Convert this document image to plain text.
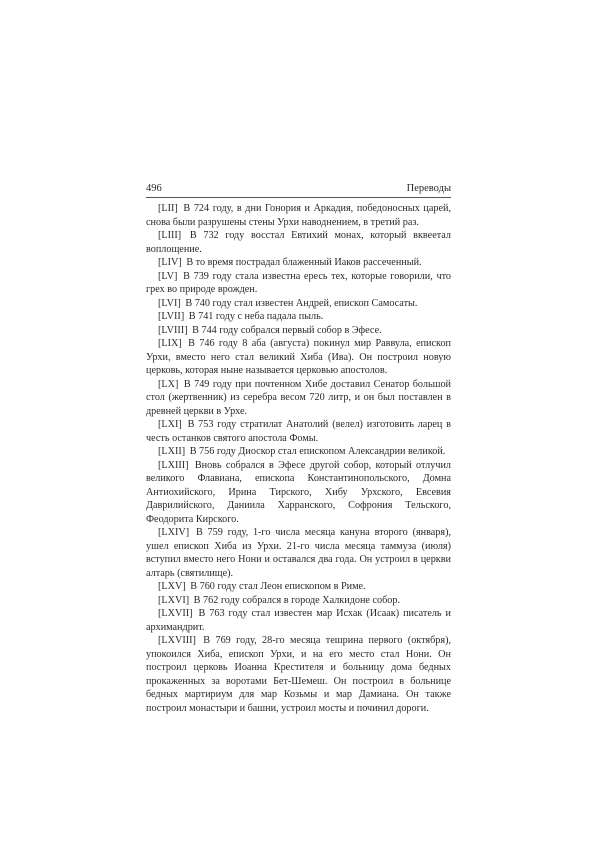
496	Переводы

[LII] В 724 году, в дни Гонория и Аркадия, победоносных царей, снова были разрушены стены Урхи наводнением, в третий раз.

[LIII] В 732 году восстал Евтихий монах, который вквеетал воплощение.

[LIV] В то время пострадал блаженный Иаков рассеченный.

[LV] В 739 году стала известна ересь тех, которые говорили, что грех во природе врожден.

[LVI] В 740 году стал известен Андрей, епископ Самосаты.

[LVII] В 741 году с неба падала пыль.

[LVIII] В 744 году собрался первый собор в Эфесе.

[LIX] В 746 году 8 аба (августа) покинул мир Раввула, епископ Урхи, вместо него стал великий Хиба (Ива). Он построил новую церковь, которая ныне называется церковью апостолов.

[LX] В 749 году при почтенном Хибе доставил Сенатор большой стол (жертвенник) из серебра весом 720 литр, и он был поставлен в древней церкви в Урхе.

[LXI] В 753 году стратилат Анатолий (велел) изготовить ларец в честь останков святого апостола Фомы.

[LXII] В 756 году Диоскор стал епископом Александрии великой.

[LXIII] Вновь собрался в Эфесе другой собор, который отлучил великого Флавиана, епископа Константинопольского, Домна Антиохийского, Ирина Тирского, Хибу Урхского, Евсевия Даврилийского, Даниила Харранского, Софрония Тельского, Феодорита Кирского.

[LXIV] В 759 году, 1-го числа месяца кануна второго (января), ушел епископ Хиба из Урхи. 21-го числа месяца таммуза (июля) вступил вместо него Нони и оставался два года. Он устроил в церкви алтарь (святилище).

[LXV] В 760 году стал Леон епископом в Риме.

[LXVI] В 762 году собрался в городе Халкидоне собор.

[LXVII] В 763 году стал известен мар Исхак (Исаак) писатель и архимандрит.

[LXVIII] В 769 году, 28-го месяца тешрина первого (октября), упокоился Хиба, епископ Урхи, и на его место стал Нони. Он построил церковь Иоанна Крестителя и больницу дома бедных прокаженных за воротами Бет-Шемеш. Он построил в больнице бедных мартириум для мар Козьмы и мар Дамиана. Он также построил монастыри и башни, устроил мосты и починил дороги.
